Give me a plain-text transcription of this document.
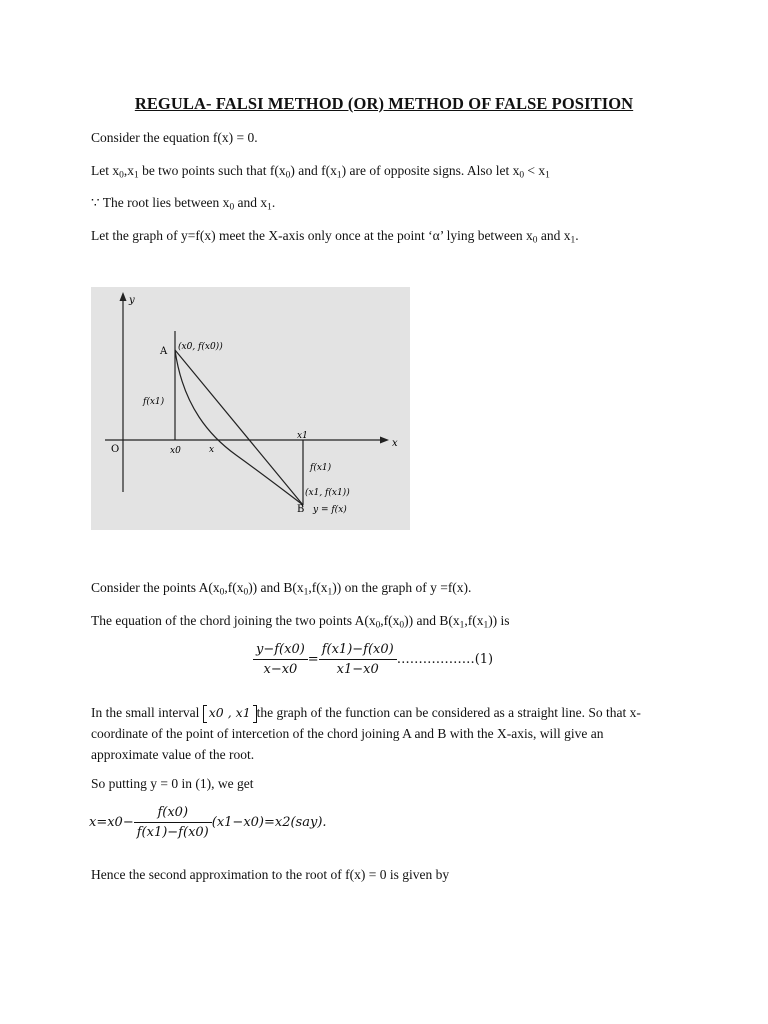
REGULA- FALSI METHOD (OR) METHOD OF FALSE POSITION
Consider the equation f(x) = 0.
Let $x_0,x_1$ be two points such that $f(x_0)$ and $f(x_1)$ are of opposite signs. Also let $x_0 < x_1$
∵ The root lies between $x_0$ and $x_1$.
Let the graph of y=f(x) meet the X-axis only once at the point ‘α’ lying between $x_0$ and $x_1$.
y
x
O
A (x0, f(x0))
f(x1)
x0	x
x1
f(x1)
(x1, f(x1))
B y = f(x)
Consider the points $A(x_0,f(x_0))$ and $B(x_1,f(x_1))$ on the graph of y =f(x).
The equation of the chord joining the two points $A(x_0,f(x_0))$ and $B(x_1,f(x_1))$ is
$\frac{y-f(x0)}{x-x0} = \frac{f(x1)-f(x0)}{x1-x0}$ ………………(1)
In the small interval x0 , x1 the graph of the function can be considered as a straight line. So that x-coordinate of the point of intercetion of the chord joining A and B with the X-axis, will give an approximate value of the root.
So putting y = 0 in (1), we get
$x=x0- \frac{f(x0)}{f(x1)-f(x0)} (x1-x0)=x2(say)$.
Hence the second approximation to the root of f(x) = 0 is given by
